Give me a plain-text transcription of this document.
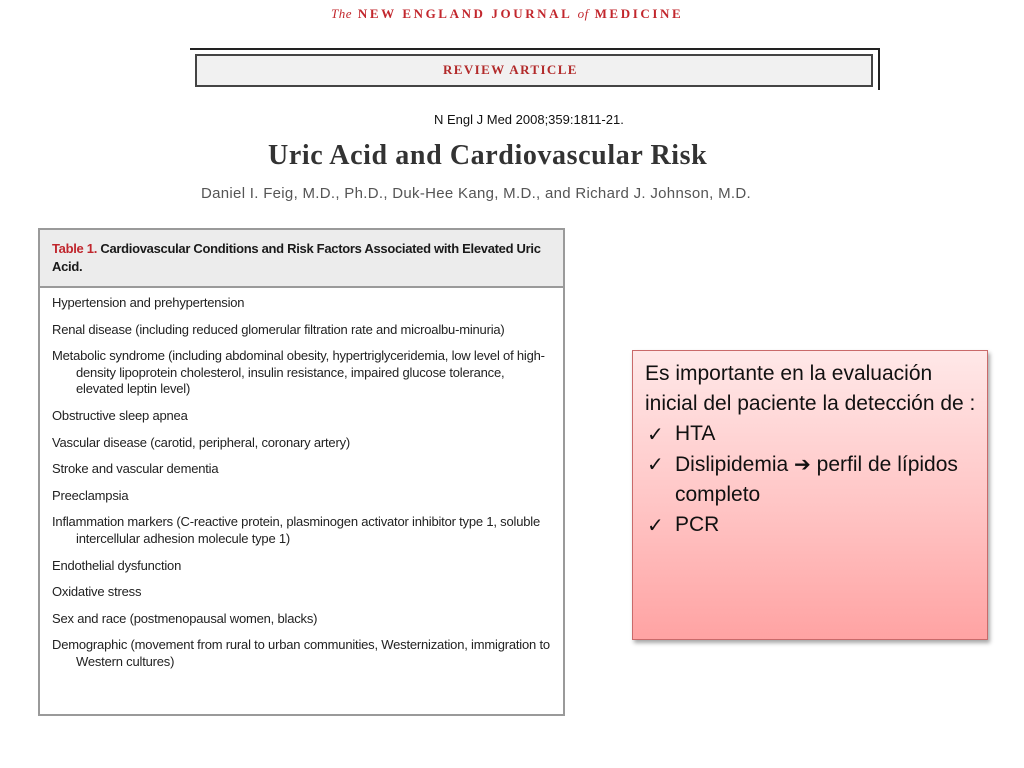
The NEW ENGLAND JOURNAL of MEDICINE
REVIEW ARTICLE
N Engl J Med 2008;359:1811-21.
Uric Acid and Cardiovascular Risk
Daniel I. Feig, M.D., Ph.D., Duk-Hee Kang, M.D., and Richard J. Johnson, M.D.
Table 1. Cardiovascular Conditions and Risk Factors Associated with Elevated Uric Acid.
Hypertension and prehypertension
Renal disease (including reduced glomerular filtration rate and microalbu-minuria)
Metabolic syndrome (including abdominal obesity, hypertriglyceridemia, low level of high-density lipoprotein cholesterol, insulin resistance, impaired glucose tolerance, elevated leptin level)
Obstructive sleep apnea
Vascular disease (carotid, peripheral, coronary artery)
Stroke and vascular dementia
Preeclampsia
Inflammation markers (C-reactive protein, plasminogen activator inhibitor type 1, soluble intercellular adhesion molecule type 1)
Endothelial dysfunction
Oxidative stress
Sex and race (postmenopausal women, blacks)
Demographic (movement from rural to urban communities, Westernization, immigration to Western cultures)
Es importante en la evaluación inicial del paciente la detección de :
✓ HTA
✓ Dislipidemia ➔ perfil de lípidos completo
✓ PCR
